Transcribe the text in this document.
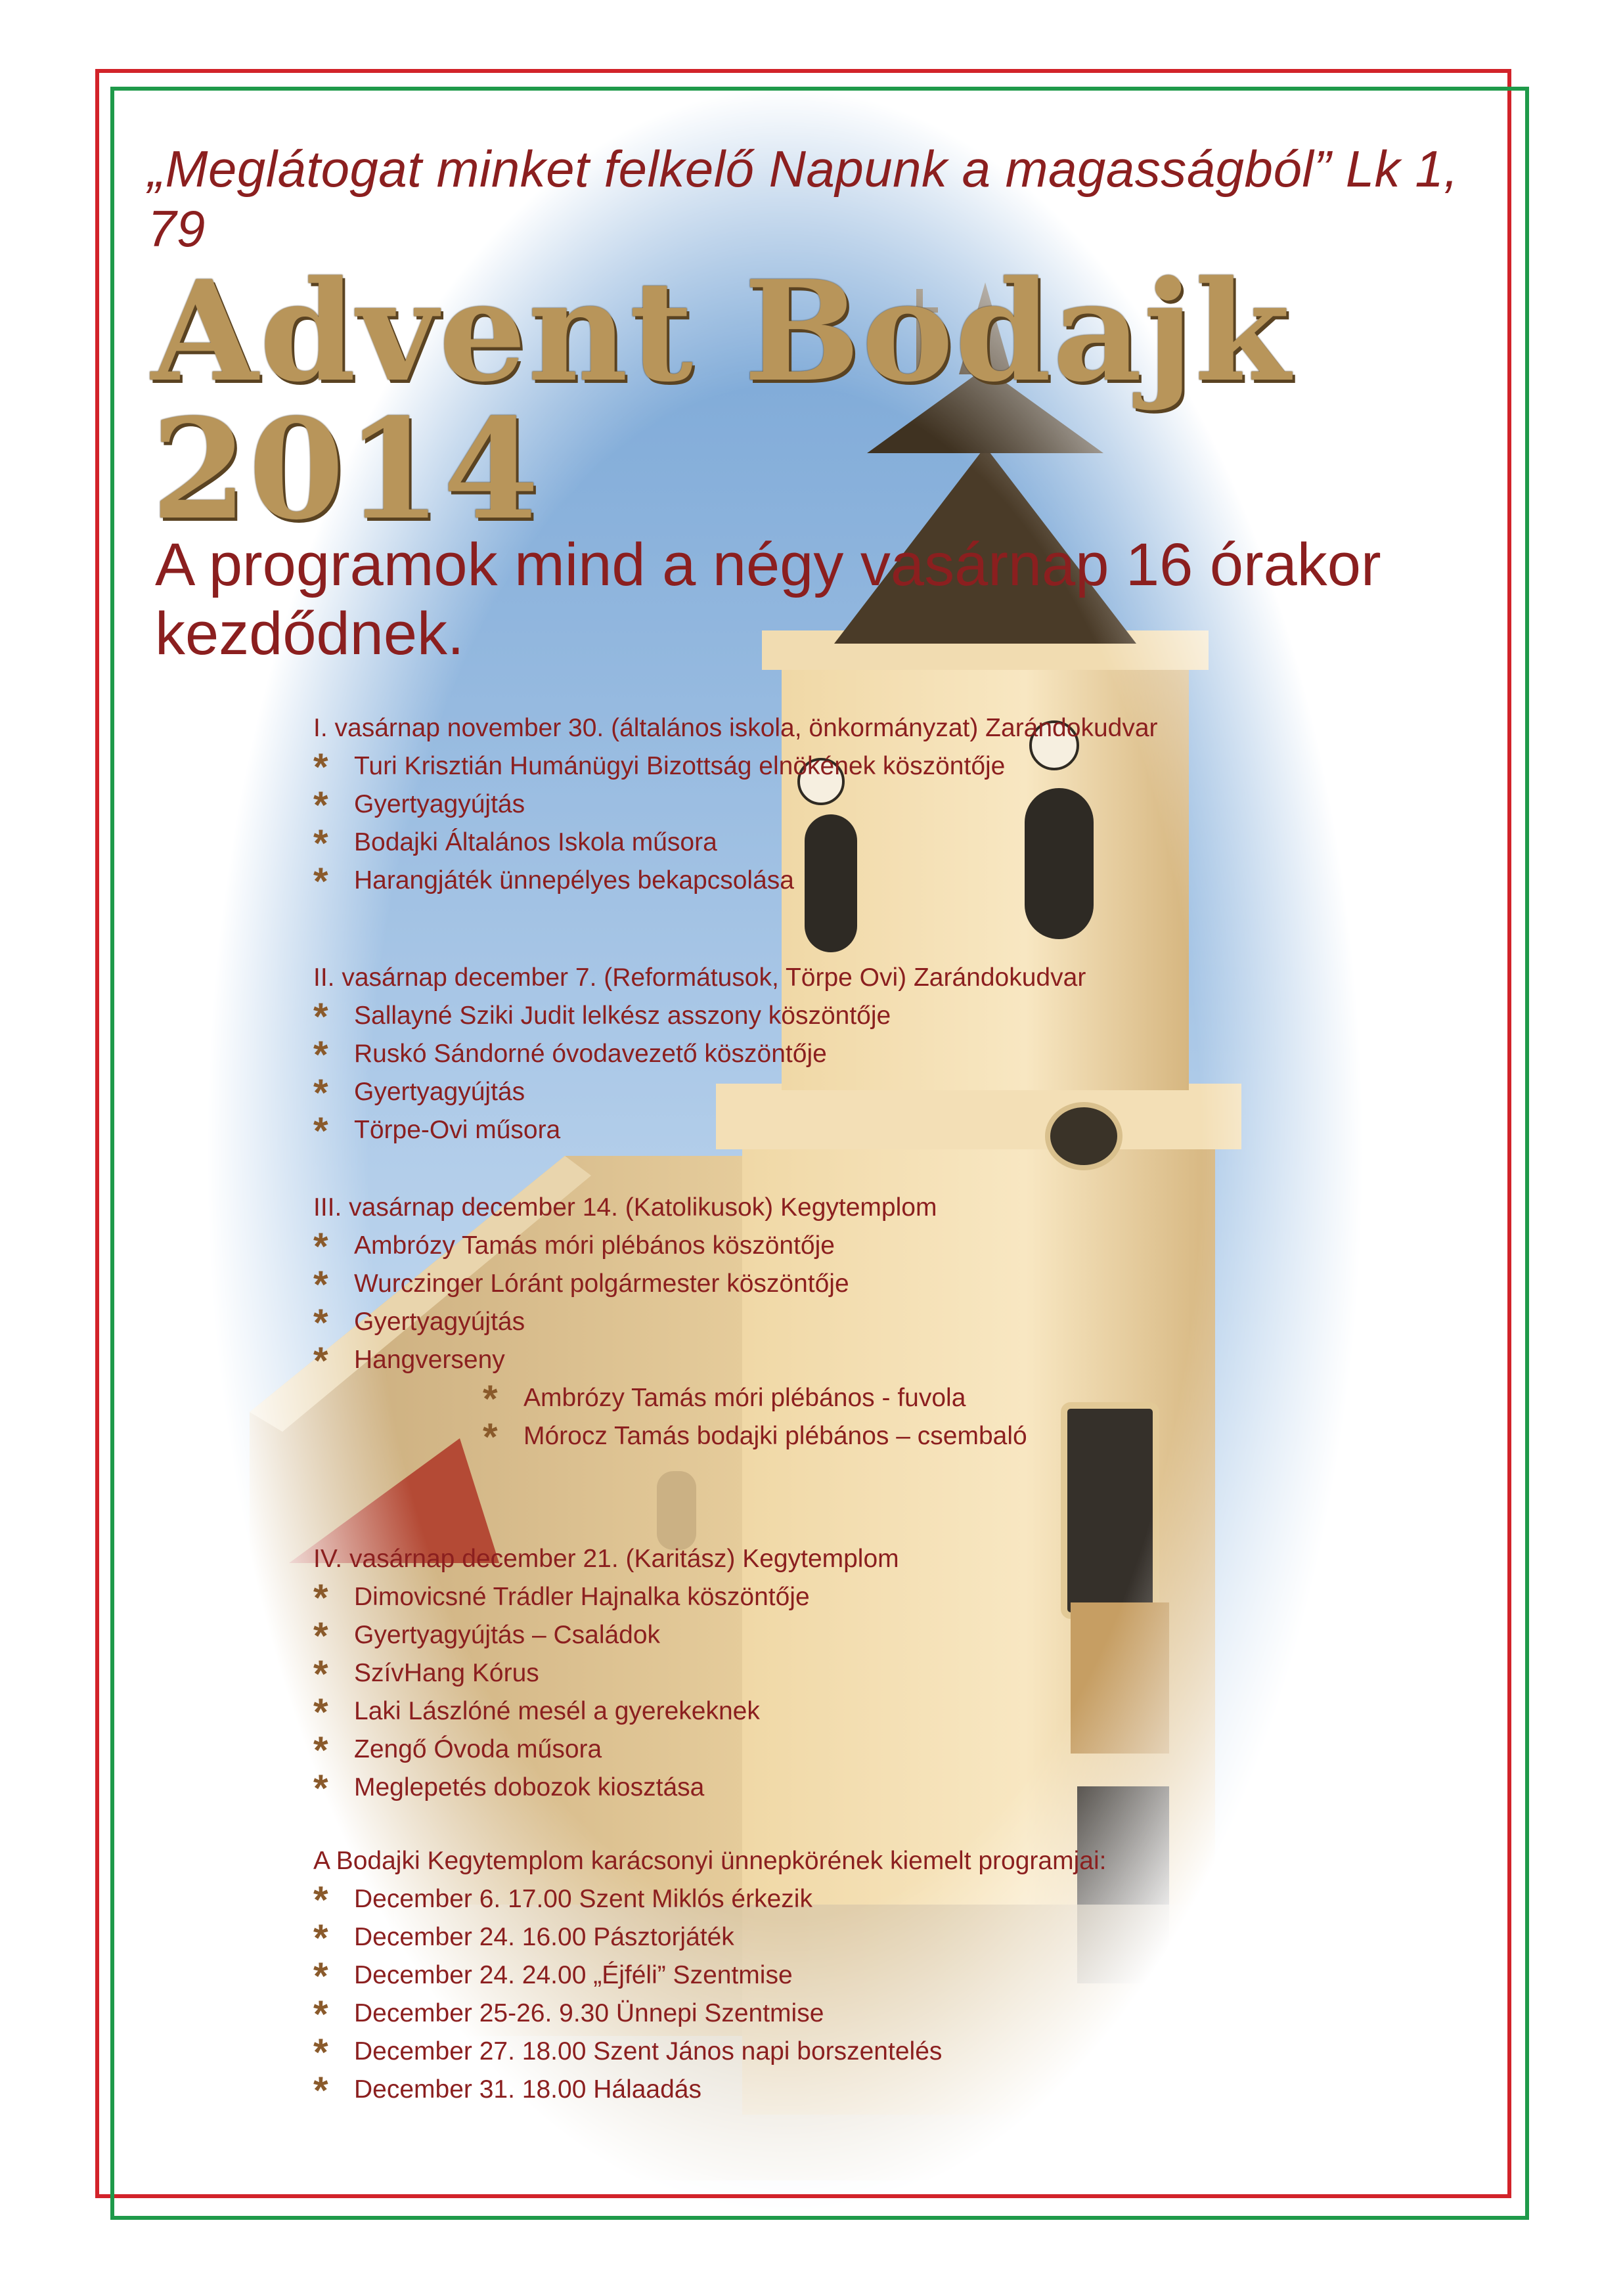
„Meglátogat minket felkelő Napunk a magasságból” Lk 1, 79
Advent Bodajk 2014
A programok mind a négy vasárnap 16 órakor kezdődnek.
I. vasárnap november 30. (általános iskola, önkormányzat) Zarándokudvar
* Turi Krisztián Humánügyi Bizottság elnökének köszöntője
* Gyertyagyújtás
* Bodajki Általános Iskola műsora
* Harangjáték ünnepélyes bekapcsolása
II. vasárnap december 7. (Reformátusok, Törpe Ovi) Zarándokudvar
* Sallayné Sziki Judit lelkész asszony köszöntője
* Ruskó Sándorné óvodavezető köszöntője
* Gyertyagyújtás
* Törpe-Ovi műsora
III. vasárnap december 14. (Katolikusok) Kegytemplom
* Ambrózy Tamás móri plébános köszöntője
* Wurczinger Lóránt polgármester köszöntője
* Gyertyagyújtás
* Hangverseny
* Ambrózy Tamás móri plébános - fuvola
* Mórocz Tamás bodajki plébános – csembaló
IV. vasárnap december 21. (Karitász) Kegytemplom
* Dimovicsné Trádler Hajnalka köszöntője
* Gyertyagyújtás – Családok
* SzívHang Kórus
* Laki Lászlóné mesél a gyerekeknek
* Zengő Óvoda műsora
* Meglepetés dobozok kiosztása
A Bodajki Kegytemplom karácsonyi ünnepkörének kiemelt programjai:
* December 6. 17.00 Szent Miklós érkezik
* December 24. 16.00 Pásztorjáték
* December 24. 24.00 „Éjféli” Szentmise
* December 25-26. 9.30 Ünnepi Szentmise
* December 27. 18.00 Szent János napi borszentelés
* December 31. 18.00 Hálaadás
